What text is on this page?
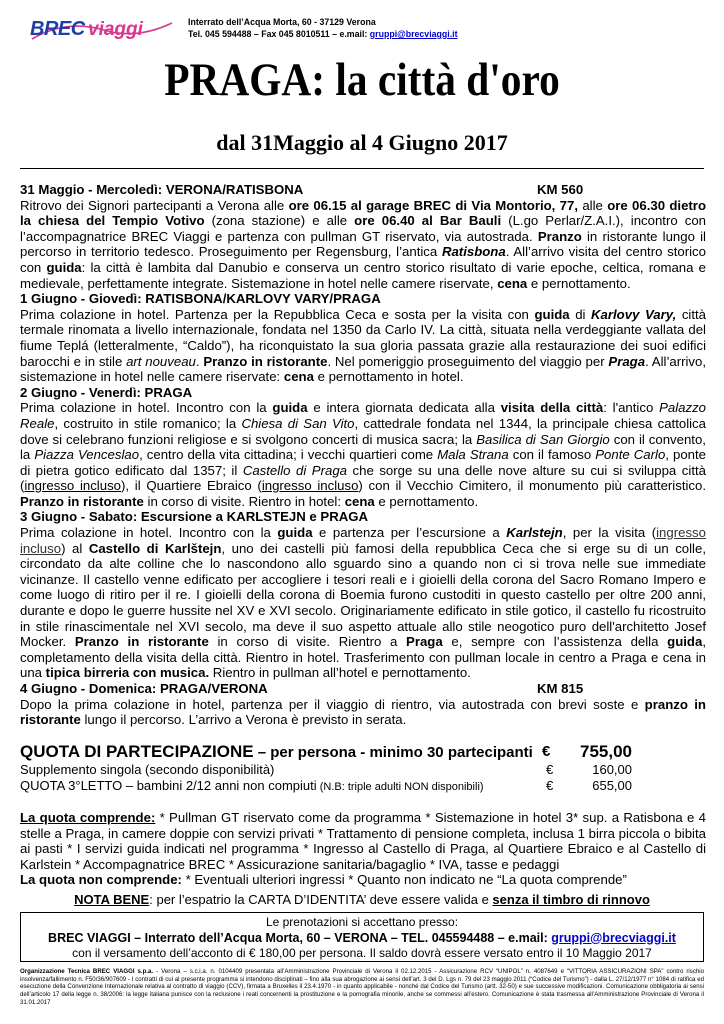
BREC viaggi	Interrato dell’Acqua Morta, 60 - 37129 Verona
Tel. 045 594488 – Fax 045 8010511 – e.mail: gruppi@brecviaggi.it
PRAGA: la città d'oro
dal 31Maggio al 4 Giugno 2017
31 Maggio - Mercoledì: VERONA/RATISBONA	KM 560

Ritrovo dei Signori partecipanti a Verona alle ore 06.15 al garage BREC di Via Montorio, 77, alle ore 06.30 dietro la chiesa del Tempio Votivo (zona stazione) e alle ore 06.40 al Bar Bauli (L.go Perlar/Z.A.I.), incontro con l’accompagnatrice BREC Viaggi e partenza con pullman GT riservato, via autostrada. Pranzo in ristorante lungo il percorso in territorio tedesco. Proseguimento per Regensburg, l’antica Ratisbona. All’arrivo visita del centro storico con guida: la città è lambita dal Danubio e conserva un centro storico risultato di varie epoche, celtica, romana e medievale, perfettamente integrate. Sistemazione in hotel nelle camere riservate, cena e pernottamento.

1 Giugno - Giovedì: RATISBONA/KARLOVY VARY/PRAGA

Prima colazione in hotel. Partenza per la Repubblica Ceca e sosta per la visita con guida di Karlovy Vary, città termale rinomata a livello internazionale, fondata nel 1350 da Carlo IV. La città, situata nella verdeggiante vallata del fiume Teplá (letteralmente, “Caldo”), ha riconquistato la sua gloria passata grazie alla restaurazione dei suoi edifici barocchi e in stile art nouveau. Pranzo in ristorante. Nel pomeriggio proseguimento del viaggio per Praga. All’arrivo, sistemazione in hotel nelle camere riservate: cena e pernottamento in hotel.

2 Giugno - Venerdì: PRAGA

Prima colazione in hotel. Incontro con la guida e intera giornata dedicata alla visita della città: l'antico Palazzo Reale, costruito in stile romanico; la Chiesa di San Vito, cattedrale fondata nel 1344, la principale chiesa cattolica dove si celebrano funzioni religiose e si svolgono concerti di musica sacra; la Basilica di San Giorgio con il convento, la Piazza Venceslao, centro della vita cittadina; i vecchi quartieri come Mala Strana con il famoso Ponte Carlo, ponte di pietra gotico edificato dal 1357; il Castello di Praga che sorge su una delle nove alture su cui si sviluppa città (ingresso incluso), il Quartiere Ebraico (ingresso incluso) con il Vecchio Cimitero, il monumento più caratteristico. Pranzo in ristorante in corso di visite. Rientro in hotel: cena e pernottamento.

3 Giugno - Sabato: Escursione a KARLSTEJN e PRAGA

Prima colazione in hotel. Incontro con la guida e partenza per l’escursione a Karlstejn, per la visita (ingresso incluso) al Castello di Karlštejn, uno dei castelli più famosi della repubblica Ceca che si erge su di un colle, circondato da alte colline che lo nascondono allo sguardo sino a quando non ci si trova nelle sue immediate vicinanze. Il castello venne edificato per accogliere i tesori reali e i gioielli della corona del Sacro Romano Impero e come luogo di ritiro per il re. I gioielli della corona di Boemia furono custoditi in questo castello per oltre 200 anni, durante e dopo le guerre hussite nel XV e XVI secolo. Originariamente edificato in stile gotico, il castello fu ricostruito in stile rinascimentale nel XVI secolo, ma deve il suo aspetto attuale allo stile neogotico puro dell'architetto Josef Mocker. Pranzo in ristorante in corso di visite. Rientro a Praga e, sempre con l’assistenza della guida, completamento della visita della città. Rientro in hotel. Trasferimento con pullman locale in centro a Praga e cena in una tipica birreria con musica. Rientro in pullman all’hotel e pernottamento.

4 Giugno - Domenica: PRAGA/VERONA	KM 815

Dopo la prima colazione in hotel, partenza per il viaggio di rientro, via autostrada con brevi soste e pranzo in ristorante lungo il percorso. L’arrivo a Verona è previsto in serata.

QUOTA DI PARTECIPAZIONE – per persona - minimo 30 partecipanti € 755,00
Supplemento singola (secondo disponibilità)	€	160,00
QUOTA 3°LETTO – bambini 2/12 anni non compiuti (N.B: triple adulti NON disponibili)	€	655,00

La quota comprende: * Pullman GT riservato come da programma * Sistemazione in hotel 3* sup. a Ratisbona e 4 stelle a Praga, in camere doppie con servizi privati * Trattamento di pensione completa, inclusa 1 birra piccola o bibita ai pasti * I servizi guida indicati nel programma * Ingresso al Castello di Praga, al Quartiere Ebraico e al Castello di Karlstein * Accompagnatrice BREC * Assicurazione sanitaria/bagaglio * IVA, tasse e pedaggi

La quota non comprende: * Eventuali ulteriori ingressi * Quanto non indicato ne “La quota comprende”

NOTA BENE: per l’espatrio la CARTA D’IDENTITA’ deve essere valida e senza il timbro di rinnovo
Le prenotazioni si accettano presso:
BREC VIAGGI – Interrato dell’Acqua Morta, 60 – VERONA – TEL. 045594488 – e.mail: gruppi@brecviaggi.it
con il versamento dell’acconto di € 180,00 per persona. Il saldo dovrà essere versato entro il 10 Maggio 2017
Organizzazione Tecnica BREC VIAGGI s.p.a. - Verona – s.c.i.a. n. 0104409 presentata all’Amministrazione Provinciale di Verona il 02.12.2015 - Assicurazione RCV “UNIPOL” n. 4087649 e “VITTORIA ASSICURAZIONI SPA” contro rischio insolvenza/fallimento n. F50/36/907609 - I contratti di cui al presente programma si intendono disciplinati – fino alla sua abrogazione ai sensi dell’art. 3 del D. Lgs n. 79 del 23 maggio 2011 (“Codice del Turismo”) - dalla L. 27/12/1977 n° 1084 di ratifica ed esecuzione della Convenzione Internazionale relativa al contratto di viaggio (CCV), firmata a Bruxelles il 23.4.1970 - in quanto applicabile - nonché dal Codice del Turismo (artt. 32-50) e sue successive modificazioni. Comunicazione obbligatoria ai sensi dell’articolo 17 della legge n. 38/2006: la legge italiana punisce con la reclusione i reati concernenti la prostituzione e la pornografia minorile, anche se commessi all’estero. Comunicazione è stata trasmessa all’Amministrazione Provinciale di Verona il 31.01.2017
